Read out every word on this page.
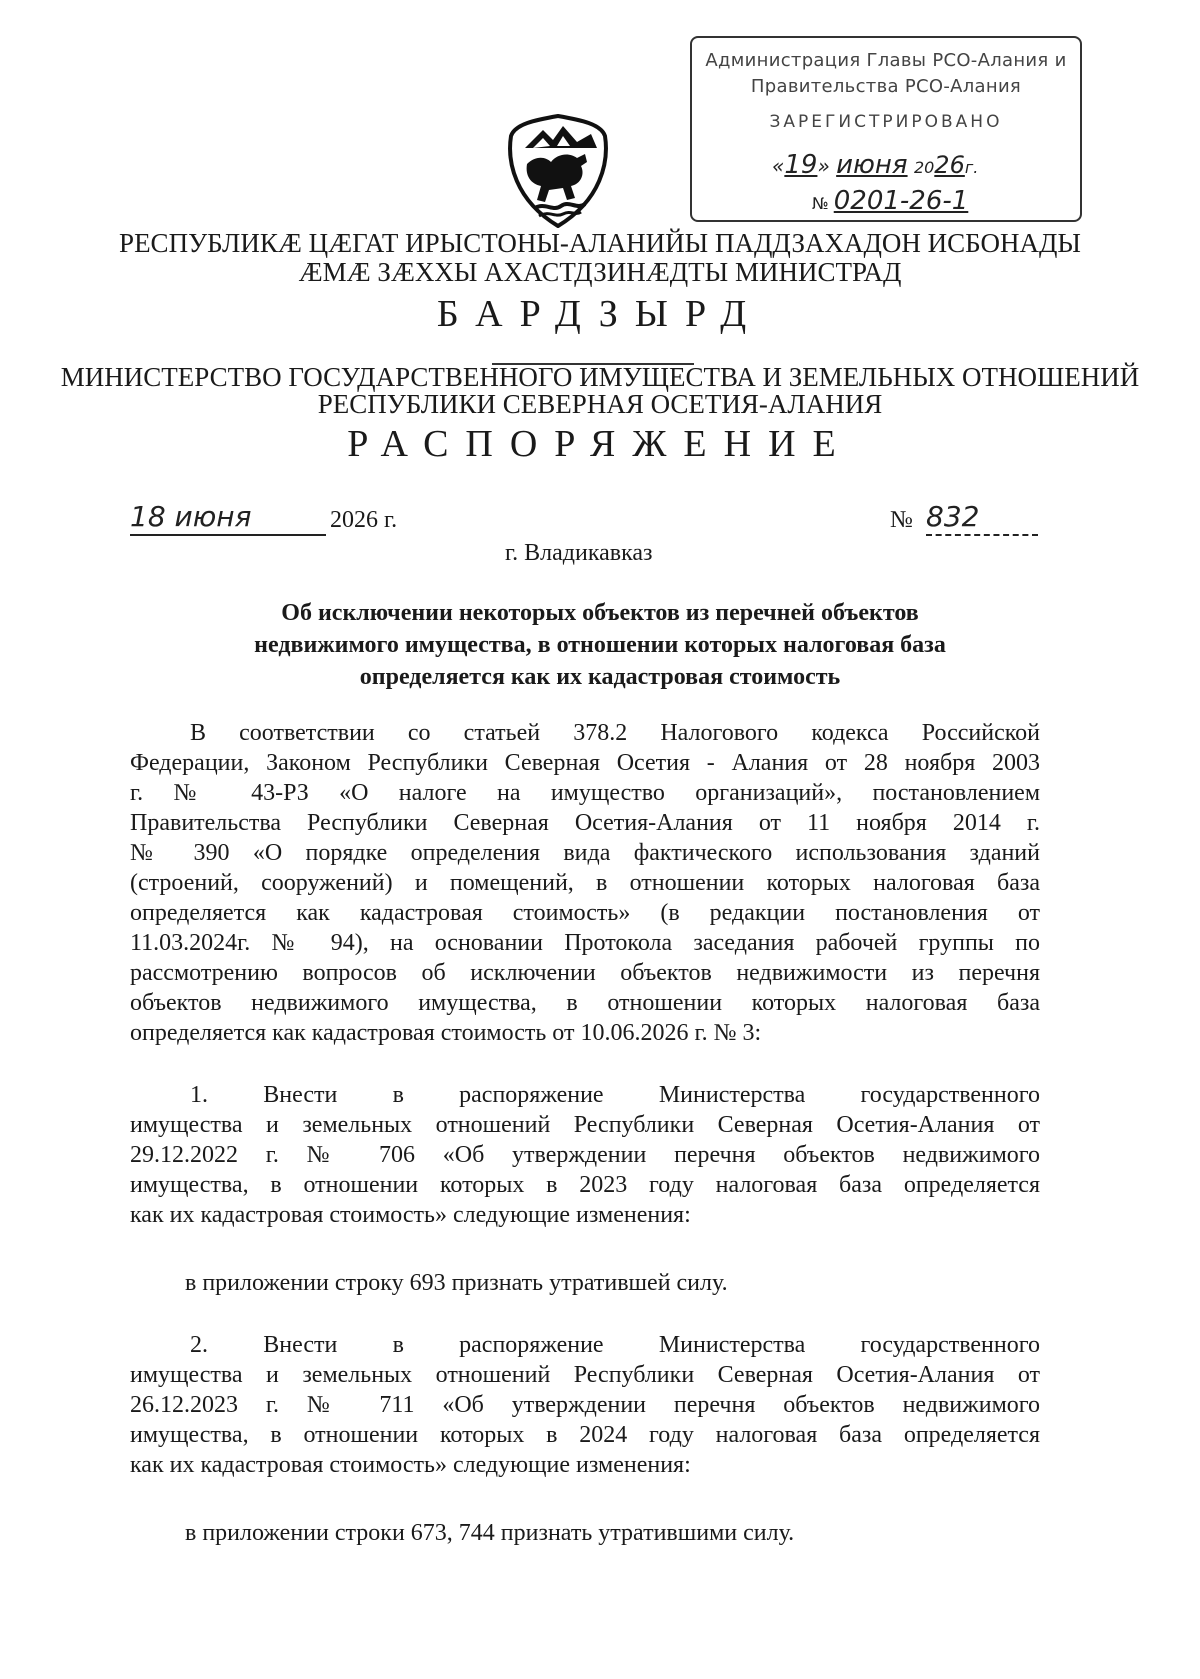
Администрация Главы РСО-Алания и
Правительства РСО-Алания
ЗАРЕГИСТРИРОВАНО
«19» июня 2026г.
№ 0201-26-1
РЕСПУБЛИКӔ ЦӔГАТ ИРЫСТОНЫ-АЛАНИЙЫ ПАДДЗАХАДОН ИСБОНАДЫ
ӔМӔ ЗӔХХЫ АХАСТДЗИНӔДТЫ МИНИСТРАД
БАРДЗЫРД
МИНИСТЕРСТВО ГОСУДАРСТВЕННОГО ИМУЩЕСТВА И ЗЕМЕЛЬНЫХ ОТНОШЕНИЙ
РЕСПУБЛИКИ СЕВЕРНАЯ ОСЕТИЯ-АЛАНИЯ
РАСПОРЯЖЕНИЕ
18 июня	2026 г.	№ 832
г. Владикавказ
Об исключении некоторых объектов из перечней объектов
недвижимого имущества, в отношении которых налоговая база
определяется как их кадастровая стоимость
В соответствии со статьей 378.2 Налогового кодекса Российской
Федерации, Законом Республики Северная Осетия - Алания от 28 ноября 2003
г. № 43-РЗ «О налоге на имущество организаций», постановлением
Правительства Республики Северная Осетия-Алания от 11 ноября 2014 г.
№ 390 «О порядке определения вида фактического использования зданий
(строений, сооружений) и помещений, в отношении которых налоговая база
определяется как кадастровая стоимость» (в редакции постановления от
11.03.2024г. № 94), на основании Протокола заседания рабочей группы по
рассмотрению вопросов об исключении объектов недвижимости из перечня
объектов недвижимого имущества, в отношении которых налоговая база
определяется как кадастровая стоимость от 10.06.2026 г. № 3:
1. Внести в распоряжение Министерства государственного
имущества и земельных отношений Республики Северная Осетия-Алания от
29.12.2022 г. № 706 «Об утверждении перечня объектов недвижимого
имущества, в отношении которых в 2023 году налоговая база определяется
как их кадастровая стоимость» следующие изменения:
в приложении строку 693 признать утратившей силу.
2. Внести в распоряжение Министерства государственного
имущества и земельных отношений Республики Северная Осетия-Алания от
26.12.2023 г. № 711 «Об утверждении перечня объектов недвижимого
имущества, в отношении которых в 2024 году налоговая база определяется
как их кадастровая стоимость» следующие изменения:
в приложении строки 673, 744 признать утратившими силу.
